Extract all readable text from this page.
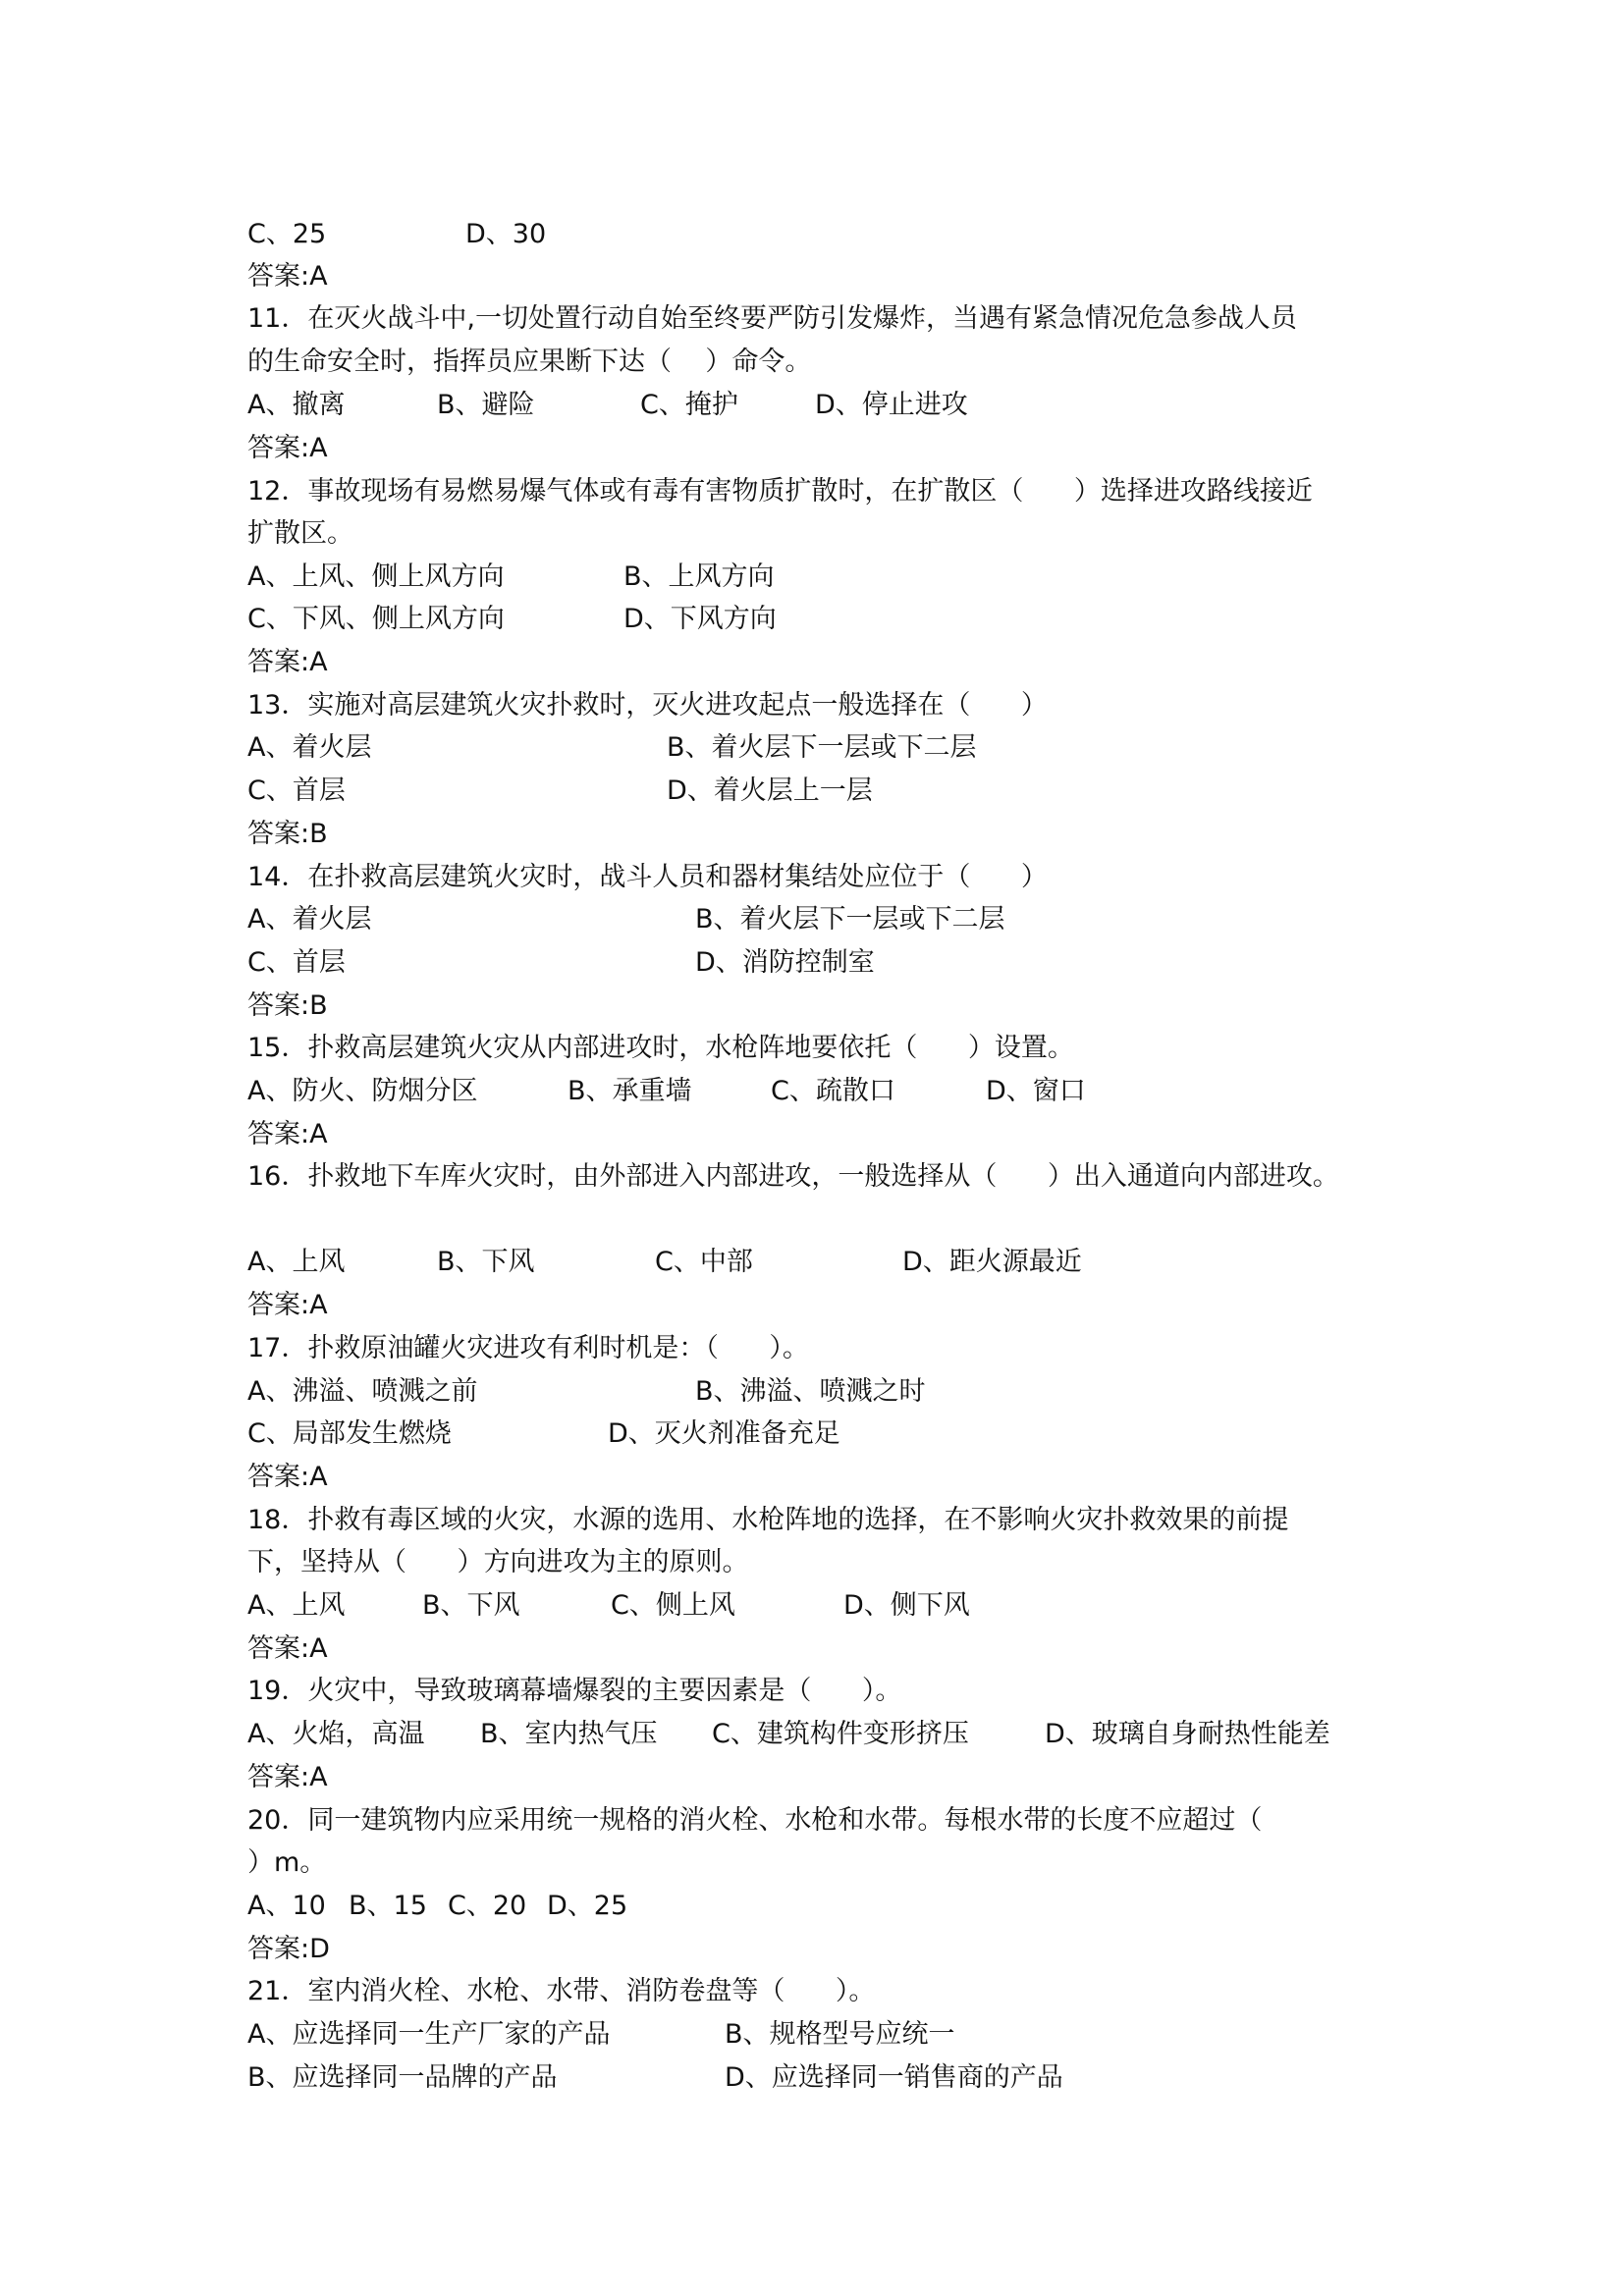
C、25

	D、30

答案:A
11．在灭火战斗中,一切处置行动自始至终要严防引发爆炸，当遇有紧急情况危急参战人员
的生命安全时，指挥员应果断下达（    ）命令。

A、撤离

	B、避险

	C、掩护

	D、停止进攻

答案:A
12．事故现场有易燃易爆气体或有毒有害物质扩散时，在扩散区（      ）选择进攻路线接近
扩散区。

A、上风、侧上风方向

	B、上风方向

C、下风、侧上风方向

	D、下风方向

答案:A
13．实施对高层建筑火灾扑救时，灭火进攻起点一般选择在（      ）

A、着火层

	B、着火层下一层或下二层

C、首层

	D、着火层上一层

答案:B
14．在扑救高层建筑火灾时，战斗人员和器材集结处应位于（      ）

A、着火层

	B、着火层下一层或下二层

C、首层

	D、消防控制室

答案:B
15．扑救高层建筑火灾从内部进攻时，水枪阵地要依托（      ）设置。

A、防火、防烟分区

	B、承重墙

	C、疏散口

	D、窗口

答案:A
16．扑救地下车库火灾时，由外部进入内部进攻，一般选择从（      ）出入通道向内部进攻。

A、上风

	B、下风

	C、中部

	D、距火源最近

答案:A
17．扑救原油罐火灾进攻有利时机是：（      ）。

A、沸溢、喷溅之前

	B、沸溢、喷溅之时

C、局部发生燃烧

	D、灭火剂准备充足

答案:A
18．扑救有毒区域的火灾，水源的选用、水枪阵地的选择，在不影响火灾扑救效果的前提
下，坚持从（      ）方向进攻为主的原则。

A、上风

	B、下风

	C、侧上风

	D、侧下风

答案:A
19．火灾中，导致玻璃幕墙爆裂的主要因素是（      ）。

A、火焰，高温

B、室内热气压

C、建筑构件变形挤压

	D、玻璃自身耐热性能差

答案:A
20．同一建筑物内应采用统一规格的消火栓、水枪和水带。每根水带的长度不应超过（
）m。

A、10

B、15

C、20

D、25

答案:D
21．室内消火栓、水枪、水带、消防卷盘等（      ）。

A、应选择同一生产厂家的产品

	B、规格型号应统一

B、应选择同一品牌的产品

	D、应选择同一销售商的产品
